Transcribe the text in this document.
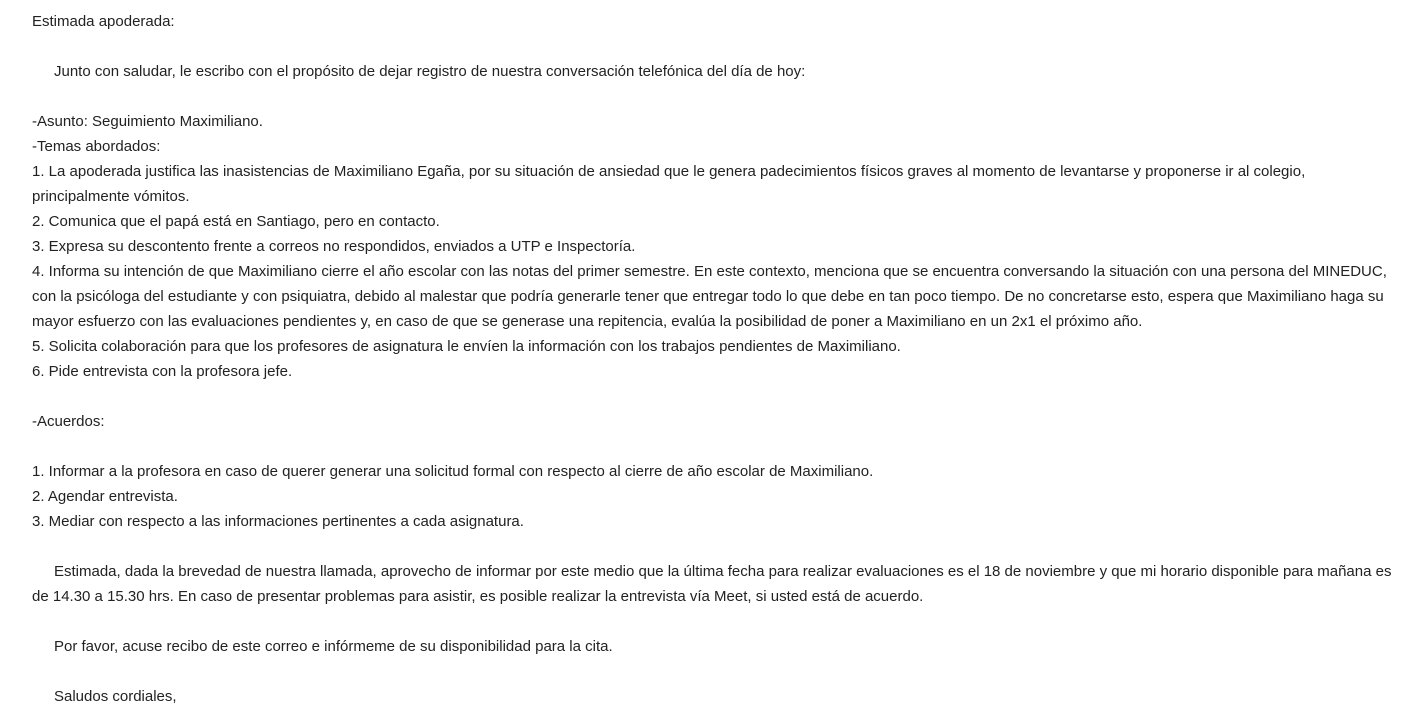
Estimada apoderada:
Junto con saludar, le escribo con el propósito de dejar registro de nuestra conversación telefónica del día de hoy:
-Asunto: Seguimiento Maximiliano.
-Temas abordados:
1. La apoderada justifica las inasistencias de Maximiliano Egaña, por su situación de ansiedad que le genera padecimientos físicos graves al momento de levantarse y proponerse ir al colegio, principalmente vómitos.
2. Comunica que el papá está en Santiago, pero en contacto.
3. Expresa su descontento frente a correos no respondidos, enviados a UTP e Inspectoría.
4. Informa su intención de que Maximiliano cierre el año escolar con las notas del primer semestre. En este contexto, menciona que se encuentra conversando la situación con una persona del MINEDUC, con la psicóloga del estudiante y con psiquiatra, debido al malestar que podría generarle tener que entregar todo lo que debe en tan poco tiempo. De no concretarse esto, espera que Maximiliano haga su mayor esfuerzo con las evaluaciones pendientes y, en caso de que se generase una repitencia, evalúa la posibilidad de poner a Maximiliano en un 2x1 el próximo año.
5. Solicita colaboración para que los profesores de asignatura le envíen la información con los trabajos pendientes de Maximiliano.
6. Pide entrevista con la profesora jefe.
-Acuerdos:
1. Informar a la profesora en caso de querer generar una solicitud formal con respecto al cierre de año escolar de Maximiliano.
2. Agendar entrevista.
3. Mediar con respecto a las informaciones pertinentes a cada asignatura.
Estimada, dada la brevedad de nuestra llamada, aprovecho de informar por este medio que la última fecha para realizar evaluaciones es el 18 de noviembre y que mi horario disponible para mañana es de 14.30 a 15.30 hrs. En caso de presentar problemas para asistir, es posible realizar la entrevista vía Meet, si usted está de acuerdo.
Por favor, acuse recibo de este correo e infórmeme de su disponibilidad para la cita.
Saludos cordiales,
